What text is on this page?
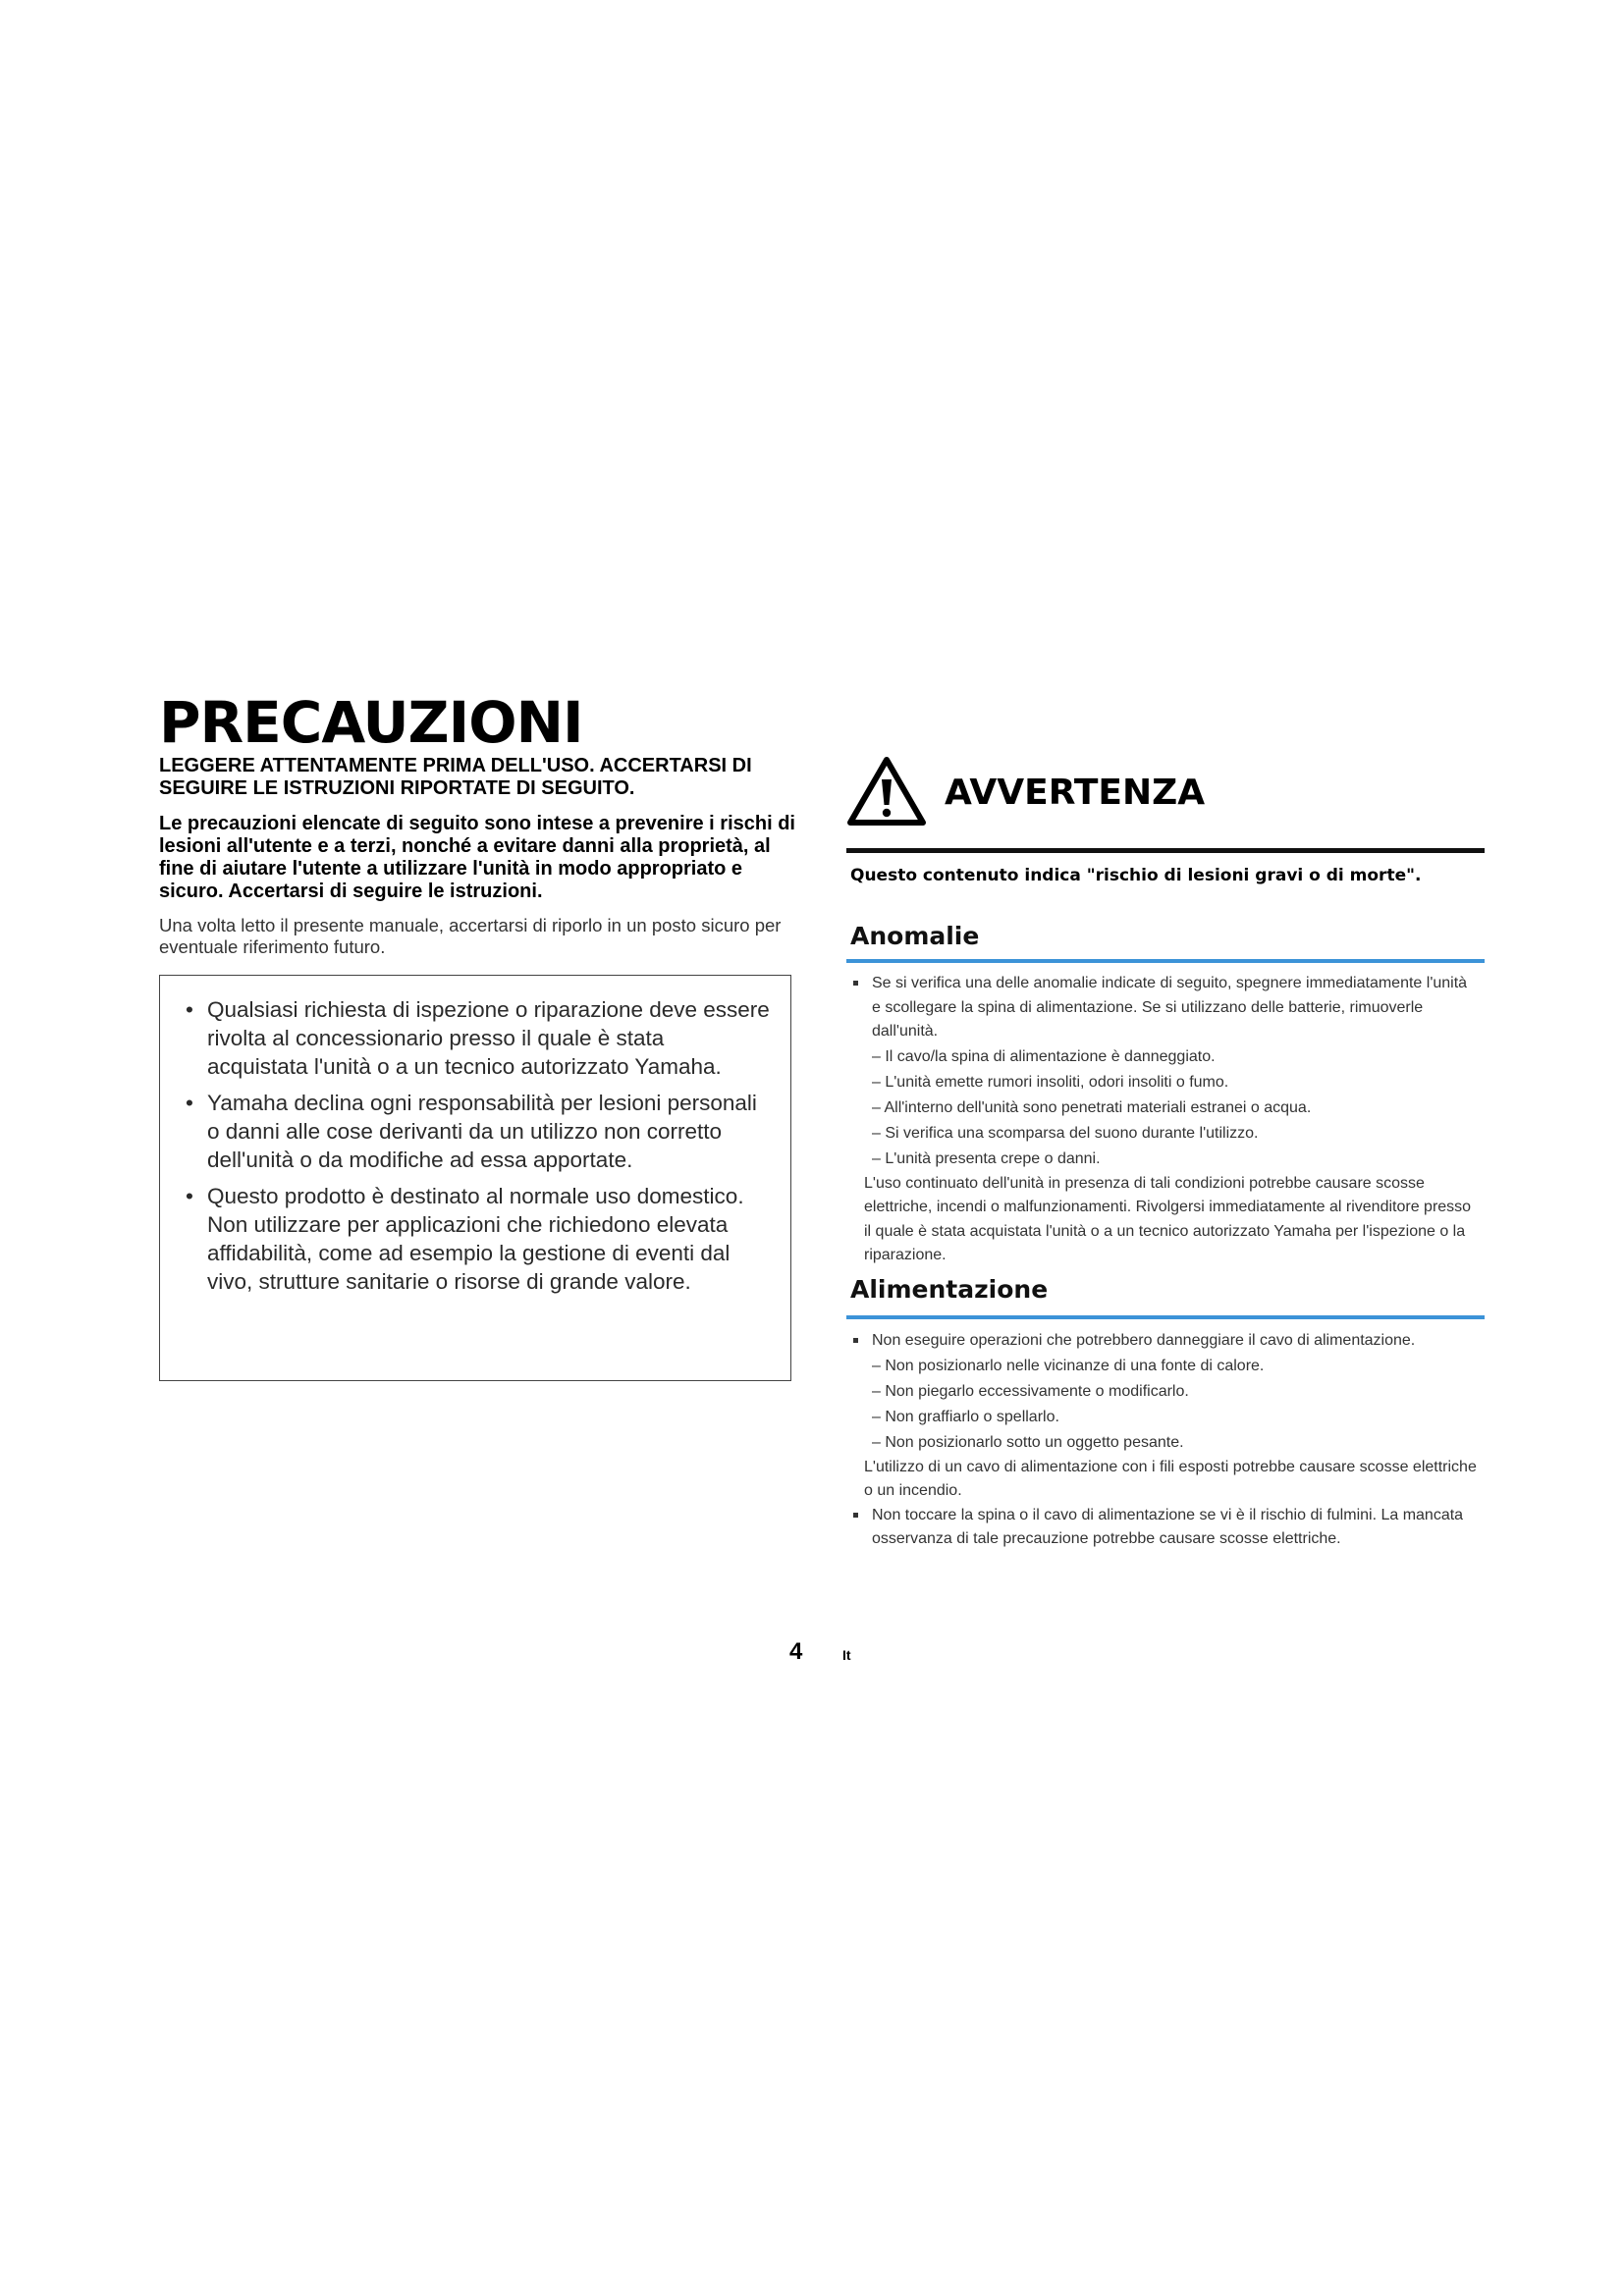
PRECAUZIONI

LEGGERE ATTENTAMENTE PRIMA DELL'USO. ACCERTARSI DI SEGUIRE LE ISTRUZIONI RIPORTATE DI SEGUITO.

Le precauzioni elencate di seguito sono intese a prevenire i rischi di lesioni all'utente e a terzi, nonché a evitare danni alla proprietà, al fine di aiutare l'utente a utilizzare l'unità in modo appropriato e sicuro. Accertarsi di seguire le istruzioni.

Una volta letto il presente manuale, accertarsi di riporlo in un posto sicuro per eventuale riferimento futuro.

• Qualsiasi richiesta di ispezione o riparazione deve essere rivolta al concessionario presso il quale è stata acquistata l'unità o a un tecnico autorizzato Yamaha.
• Yamaha declina ogni responsabilità per lesioni personali o danni alle cose derivanti da un utilizzo non corretto dell'unità o da modifiche ad essa apportate.
• Questo prodotto è destinato al normale uso domestico. Non utilizzare per applicazioni che richiedono elevata affidabilità, come ad esempio la gestione di eventi dal vivo, strutture sanitarie o risorse di grande valore.
AVVERTENZA

Questo contenuto indica "rischio di lesioni gravi o di morte".

Anomalie
Se si verifica una delle anomalie indicate di seguito, spegnere immediatamente l'unità e scollegare la spina di alimentazione. Se si utilizzano delle batterie, rimuoverle dall'unità.
– Il cavo/la spina di alimentazione è danneggiato.
– L'unità emette rumori insoliti, odori insoliti o fumo.
– All'interno dell'unità sono penetrati materiali estranei o acqua.
– Si verifica una scomparsa del suono durante l'utilizzo.
– L'unità presenta crepe o danni.
L'uso continuato dell'unità in presenza di tali condizioni potrebbe causare scosse elettriche, incendi o malfunzionamenti. Rivolgersi immediatamente al rivenditore presso il quale è stata acquistata l'unità o a un tecnico autorizzato Yamaha per l'ispezione o la riparazione.
Alimentazione
Non eseguire operazioni che potrebbero danneggiare il cavo di alimentazione.
– Non posizionarlo nelle vicinanze di una fonte di calore.
– Non piegarlo eccessivamente o modificarlo.
– Non graffiarlo o spellarlo.
– Non posizionarlo sotto un oggetto pesante.
L'utilizzo di un cavo di alimentazione con i fili esposti potrebbe causare scosse elettriche o un incendio.
Non toccare la spina o il cavo di alimentazione se vi è il rischio di fulmini. La mancata osservanza di tale precauzione potrebbe causare scosse elettriche.

4	It
